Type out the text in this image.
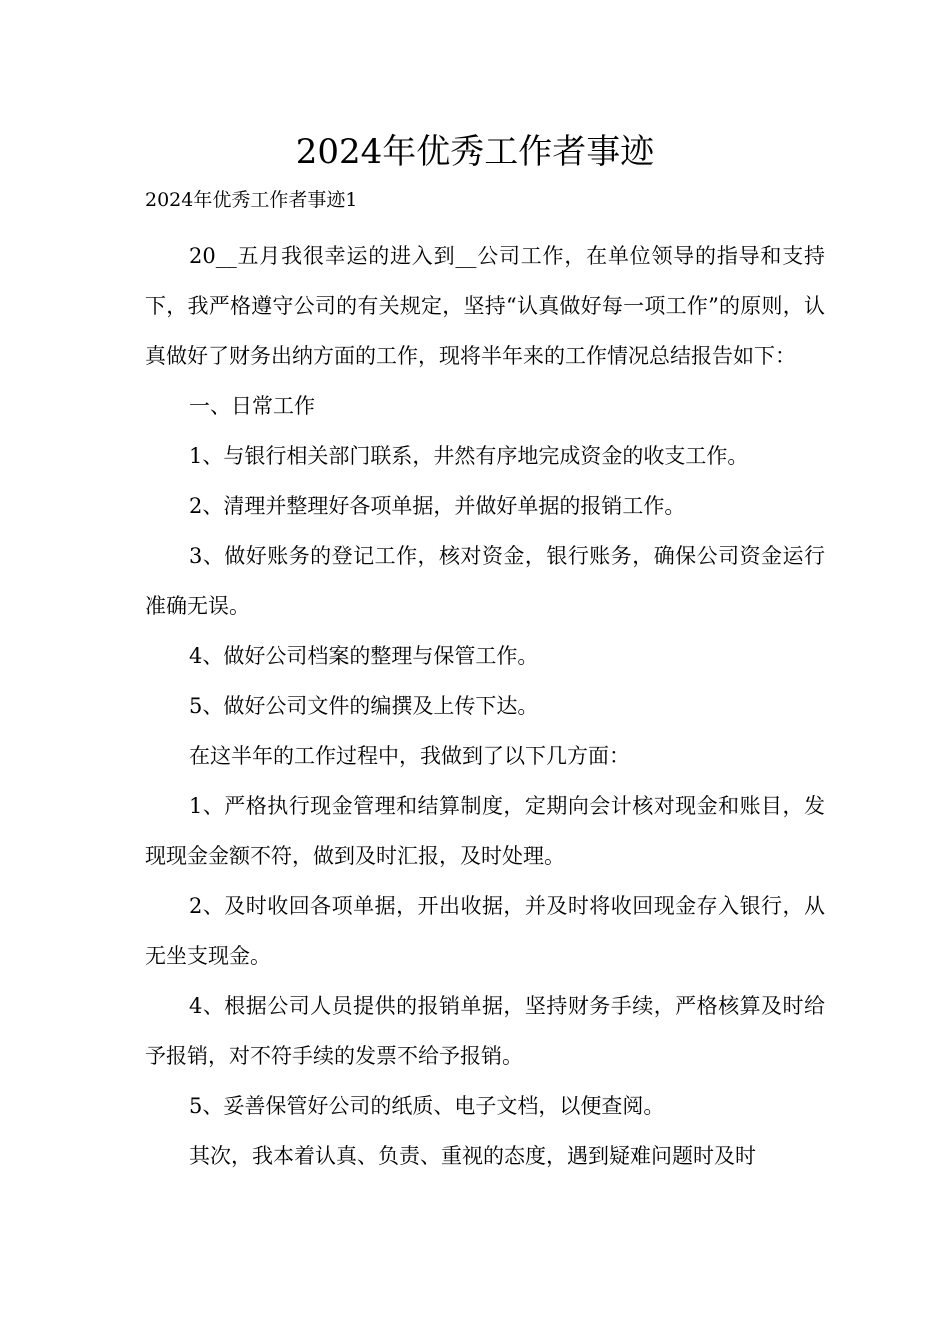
2024年优秀工作者事迹
2024年优秀工作者事迹1

20__五月我很幸运的进入到__公司工作，在单位领导的指导和支持下，我严格遵守公司的有关规定，坚持“认真做好每一项工作”的原则，认真做好了财务出纳方面的工作，现将半年来的工作情况总结报告如下：

一、日常工作

1、与银行相关部门联系，井然有序地完成资金的收支工作。

2、清理并整理好各项单据，并做好单据的报销工作。

3、做好账务的登记工作，核对资金，银行账务，确保公司资金运行准确无误。

4、做好公司档案的整理与保管工作。

5、做好公司文件的编撰及上传下达。

在这半年的工作过程中，我做到了以下几方面：

1、严格执行现金管理和结算制度，定期向会计核对现金和账目，发现现金金额不符，做到及时汇报，及时处理。

2、及时收回各项单据，开出收据，并及时将收回现金存入银行，从无坐支现金。

4、根据公司人员提供的报销单据，坚持财务手续，严格核算及时给予报销，对不符手续的发票不给予报销。

5、妥善保管好公司的纸质、电子文档，以便查阅。

其次，我本着认真、负责、重视的态度，遇到疑难问题时及时
